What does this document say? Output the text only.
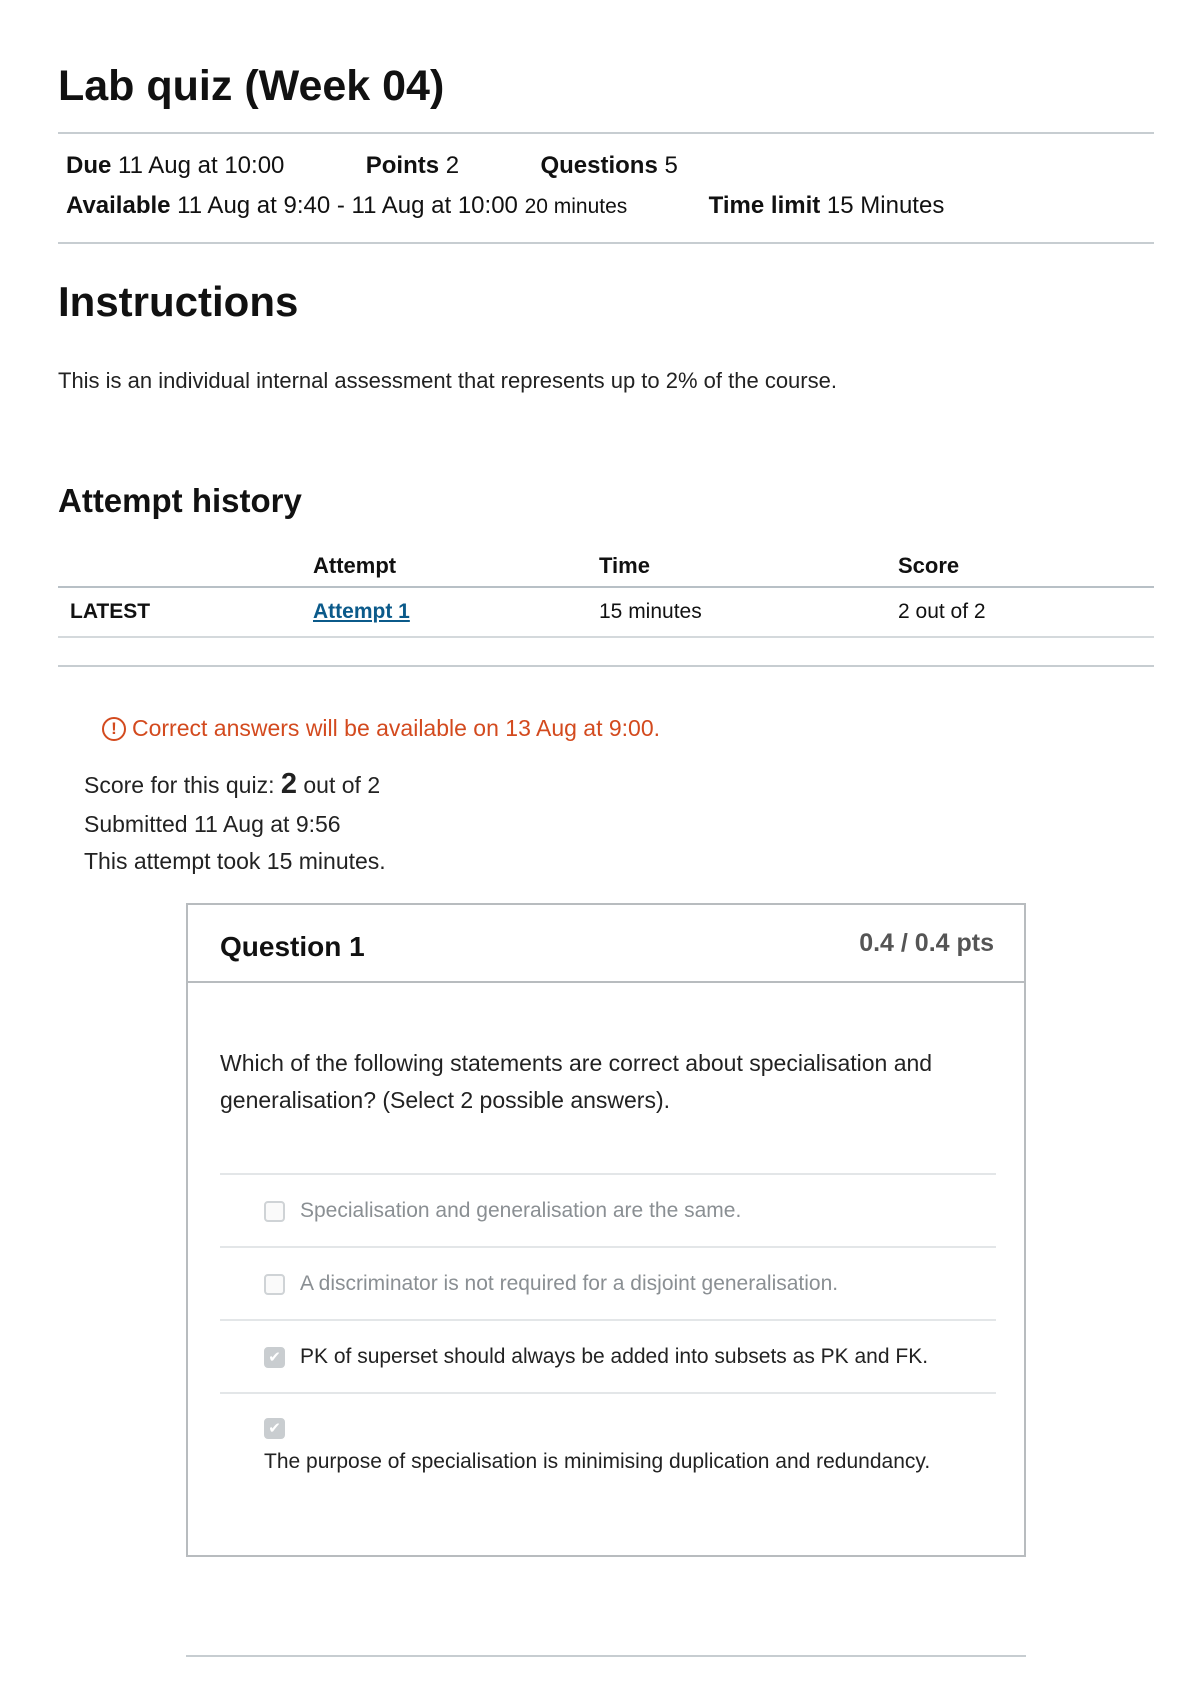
Lab quiz (Week 04)
Due 11 Aug at 10:00	Points 2	Questions 5
Available 11 Aug at 9:40 - 11 Aug at 10:00 20 minutes	Time limit 15 Minutes
Instructions

This is an individual internal assessment that represents up to 2% of the course.

Attempt history
	Attempt	Time	Score
LATEST	Attempt 1	15 minutes	2 out of 2
! Correct answers will be available on 13 Aug at 9:00.
Score for this quiz: 2 out of 2
Submitted 11 Aug at 9:56
This attempt took 15 minutes.
Question 1	0.4 / 0.4 pts
Which of the following statements are correct about specialisation and generalisation? (Select 2 possible answers).
Specialisation and generalisation are the same.
A discriminator is not required for a disjoint generalisation.
✔ PK of superset should always be added into subsets as PK and FK.
✔
The purpose of specialisation is minimising duplication and redundancy.
